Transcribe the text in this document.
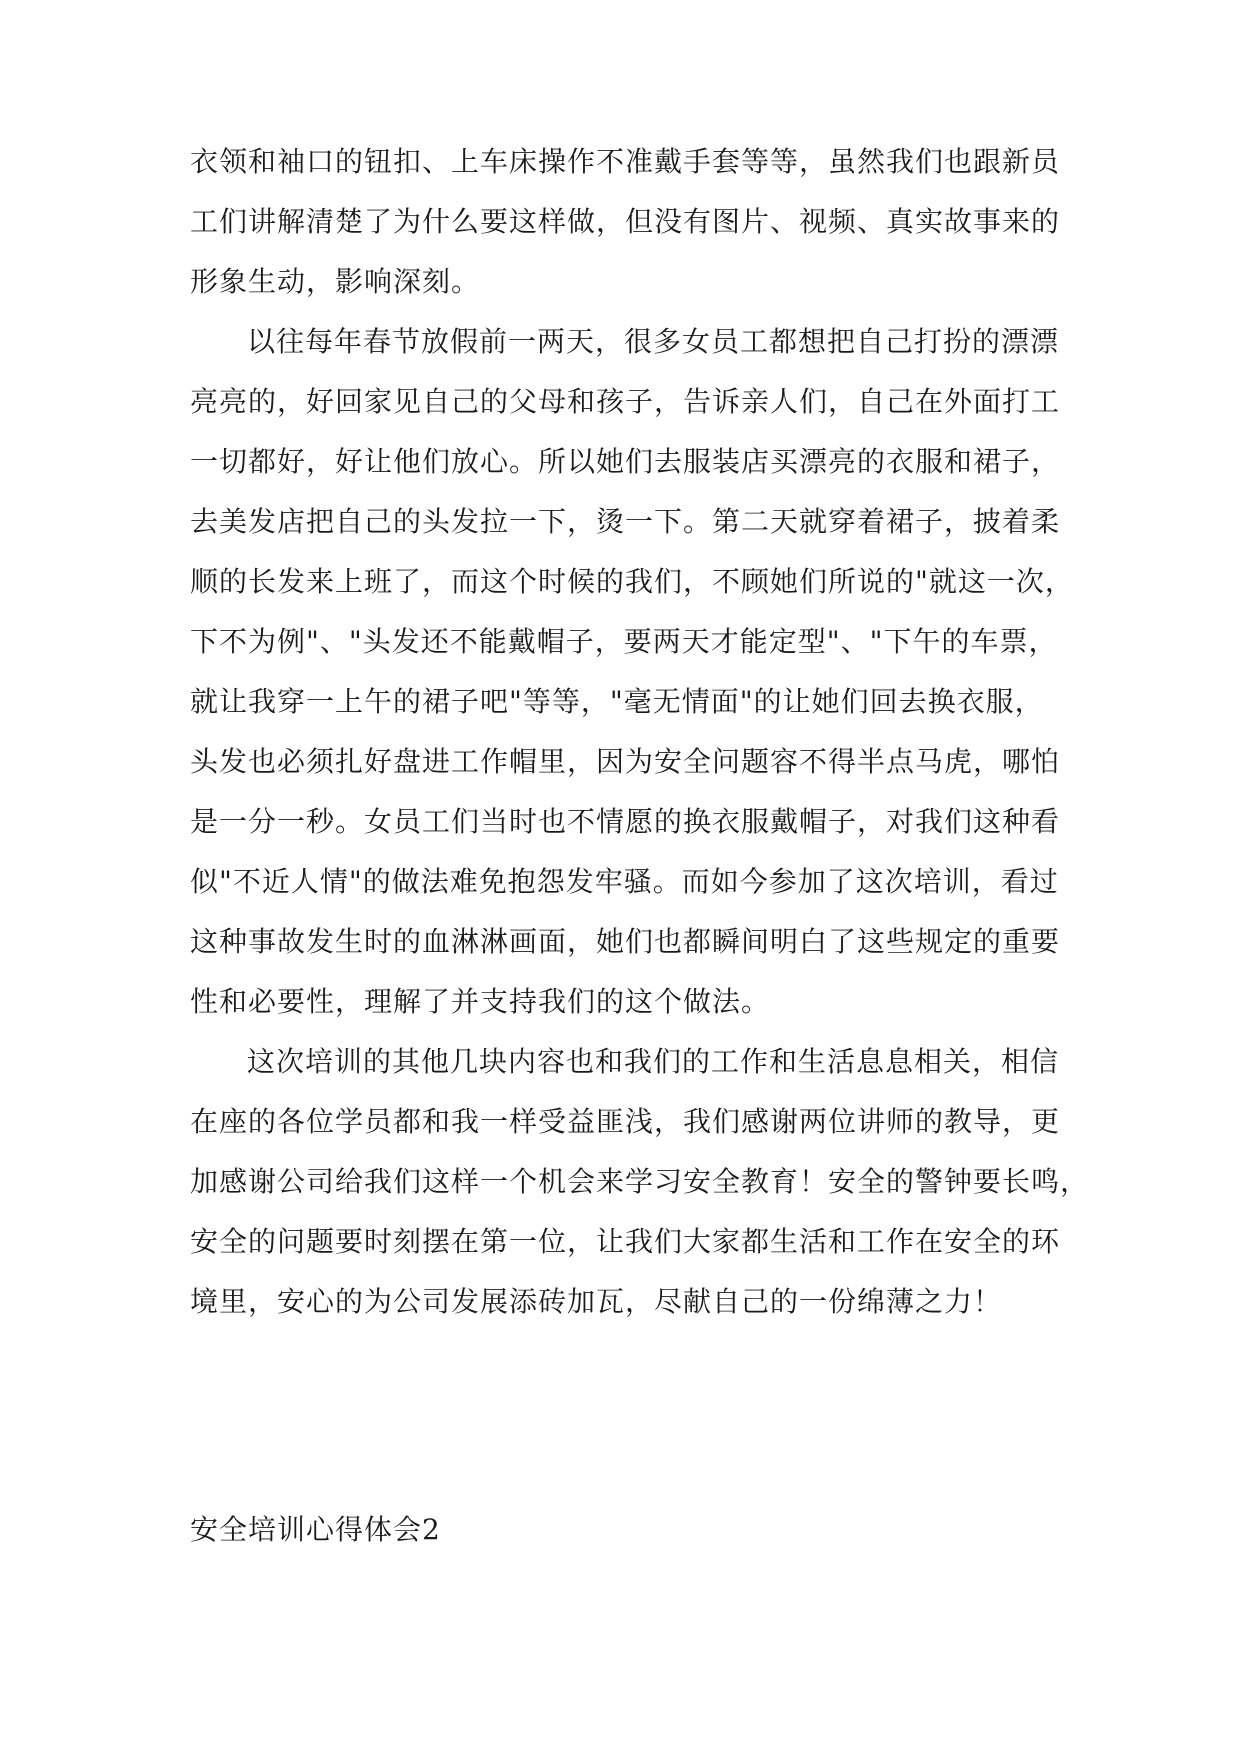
衣领和袖口的钮扣、上车床操作不准戴手套等等，虽然我们也跟新员
工们讲解清楚了为什么要这样做，但没有图片、视频、真实故事来的
形象生动，影响深刻。
以往每年春节放假前一两天，很多女员工都想把自己打扮的漂漂
亮亮的，好回家见自己的父母和孩子，告诉亲人们，自己在外面打工
一切都好，好让他们放心。所以她们去服装店买漂亮的衣服和裙子，
去美发店把自己的头发拉一下，烫一下。第二天就穿着裙子，披着柔
顺的长发来上班了，而这个时候的我们，不顾她们所说的"就这一次，
下不为例"、"头发还不能戴帽子，要两天才能定型"、"下午的车票，
就让我穿一上午的裙子吧"等等，"毫无情面"的让她们回去换衣服，
头发也必须扎好盘进工作帽里，因为安全问题容不得半点马虎，哪怕
是一分一秒。女员工们当时也不情愿的换衣服戴帽子，对我们这种看
似"不近人情"的做法难免抱怨发牢骚。而如今参加了这次培训，看过
这种事故发生时的血淋淋画面，她们也都瞬间明白了这些规定的重要
性和必要性，理解了并支持我们的这个做法。
这次培训的其他几块内容也和我们的工作和生活息息相关，相信
在座的各位学员都和我一样受益匪浅，我们感谢两位讲师的教导，更
加感谢公司给我们这样一个机会来学习安全教育！安全的警钟要长鸣，
安全的问题要时刻摆在第一位，让我们大家都生活和工作在安全的环
境里，安心的为公司发展添砖加瓦，尽献自己的一份绵薄之力！
安全培训心得体会2
